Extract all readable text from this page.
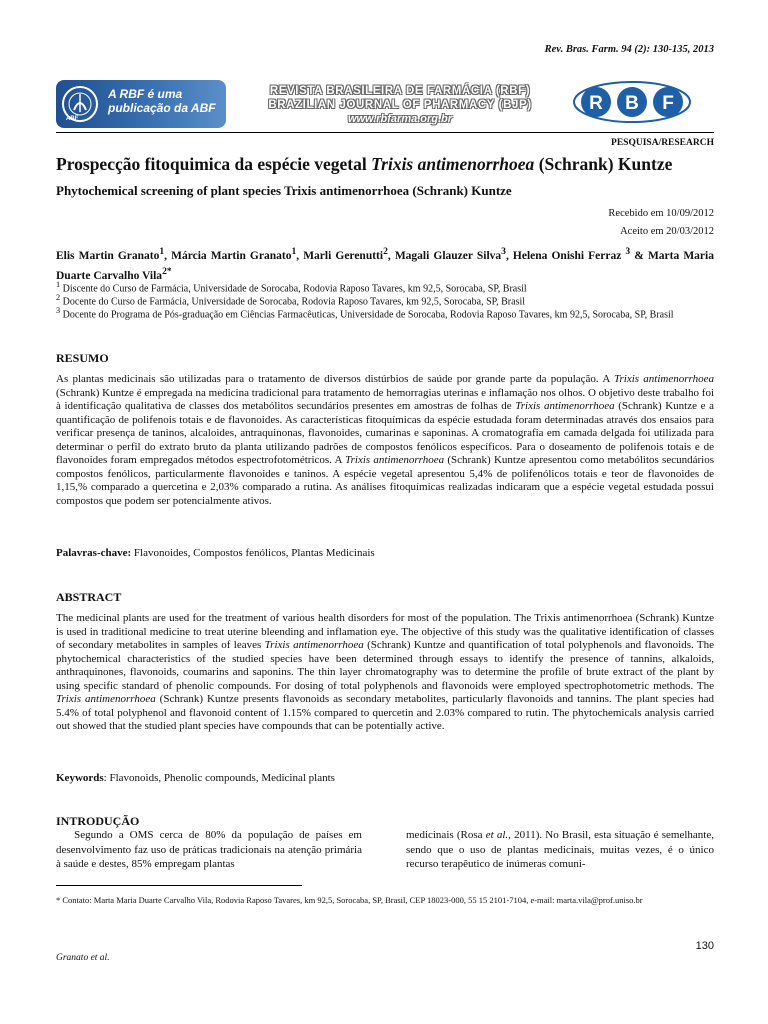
Rev. Bras. Farm. 94 (2): 130-135, 2013
A RBF é uma publicação da ABF
ABF
REVISTA BRASILEIRA DE FARMÁCIA (RBF)
BRAZILIAN JOURNAL OF PHARMACY (BJP)
www.rbfarma.org.br
R B F
PESQUISA/RESEARCH
Prospecção fitoquimica da espécie vegetal Trixis antimenorrhoea (Schrank) Kuntze
Phytochemical screening of plant species Trixis antimenorrhoea (Schrank) Kuntze
Recebido em 10/09/2012
Aceito em 20/03/2012
Elis Martin Granato$^1$, Márcia Martin Granato$^1$, Marli Gerenutti$^2$, Magali Glauzer Silva$^3$, Helena Onishi Ferraz $^3$ & Marta Maria Duarte Carvalho Vila$^{2*}$
$^1$ Discente do Curso de Farmácia, Universidade de Sorocaba, Rodovia Raposo Tavares, km 92,5, Sorocaba, SP, Brasil
$^2$ Docente do Curso de Farmácia, Universidade de Sorocaba, Rodovia Raposo Tavares, km 92,5, Sorocaba, SP, Brasil
$^3$ Docente do Programa de Pós-graduação em Ciências Farmacêuticas, Universidade de Sorocaba, Rodovia Raposo Tavares, km 92,5, Sorocaba, SP, Brasil
RESUMO
As plantas medicinais são utilizadas para o tratamento de diversos distúrbios de saúde por grande parte da população. A Trixis antimenorrhoea (Schrank) Kuntze é empregada na medicina tradicional para tratamento de hemorragias uterinas e inflamação nos olhos. O objetivo deste trabalho foi à identificação qualitativa de classes dos metabólitos secundários presentes em amostras de folhas de Trixis antimenorrhoea (Schrank) Kuntze e a quantificação de polifenois totais e de flavonoides. As características fitoquímicas da espécie estudada foram determinadas através dos ensaios para verificar presença de taninos, alcaloides, antraquinonas, flavonoides, cumarinas e saponinas. A cromatografia em camada delgada foi utilizada para determinar o perfil do extrato bruto da planta utilizando padrões de compostos fenólicos específicos. Para o doseamento de polifenois totais e de flavonoides foram empregados métodos espectrofotométricos. A Trixis antimenorrhoea (Schrank) Kuntze apresentou como metabólitos secundários compostos fenólicos, particularmente flavonoides e taninos. A espécie vegetal apresentou 5,4% de polifenólicos totais e teor de flavonoides de 1,15,% comparado a quercetina e 2,03% comparado a rutina. As análises fitoquímicas realizadas indicaram que a espécie vegetal estudada possui compostos que podem ser potencialmente ativos.
Palavras-chave: Flavonoides, Compostos fenólicos, Plantas Medicinais
ABSTRACT
The medicinal plants are used for the treatment of various health disorders for most of the population. The Trixis antimenorrhoea (Schrank) Kuntze is used in traditional medicine to treat uterine bleending and inflamation eye. The objective of this study was the qualitative identification of classes of secondary metabolites in samples of leaves Trixis antimenorrhoea (Schrank) Kuntze and quantification of total polyphenols and flavonoids. The phytochemical characteristics of the studied species have been determined through essays to identify the presence of tannins, alkaloids, anthraquinones, flavonoids, coumarins and saponins. The thin layer chromatography was to determine the profile of brute extract of the plant by using specific standard of phenolic compounds. For dosing of total polyphenols and flavonoids were employed spectrophotometric methods. The Trixis antimenorrhoea (Schrank) Kuntze presents flavonoids as secondary metabolites, particularly flavonoids and tannins. The plant species had 5.4% of total polyphenol and flavonoid content of 1.15% compared to quercetin and 2.03% compared to rutin. The phytochemicals analysis carried out showed that the studied plant species have compounds that can be potentially active.
Keywords: Flavonoids, Phenolic compounds, Medicinal plants
INTRODUÇÃO
Segundo a OMS cerca de 80% da população de países em desenvolvimento faz uso de práticas tradicionais na atenção primária à saúde e destes, 85% empregam plantas
medicinais (Rosa et al., 2011). No Brasil, esta situação é semelhante, sendo que o uso de plantas medicinais, muitas vezes, é o único recurso terapêutico de inúmeras comuni-
* Contato: Marta Maria Duarte Carvalho Vila, Rodovia Raposo Tavares, km 92,5, Sorocaba, SP, Brasil, CEP 18023-000, 55 15 2101-7104, e-mail: marta.vila@prof.uniso.br
130
Granato et al.
